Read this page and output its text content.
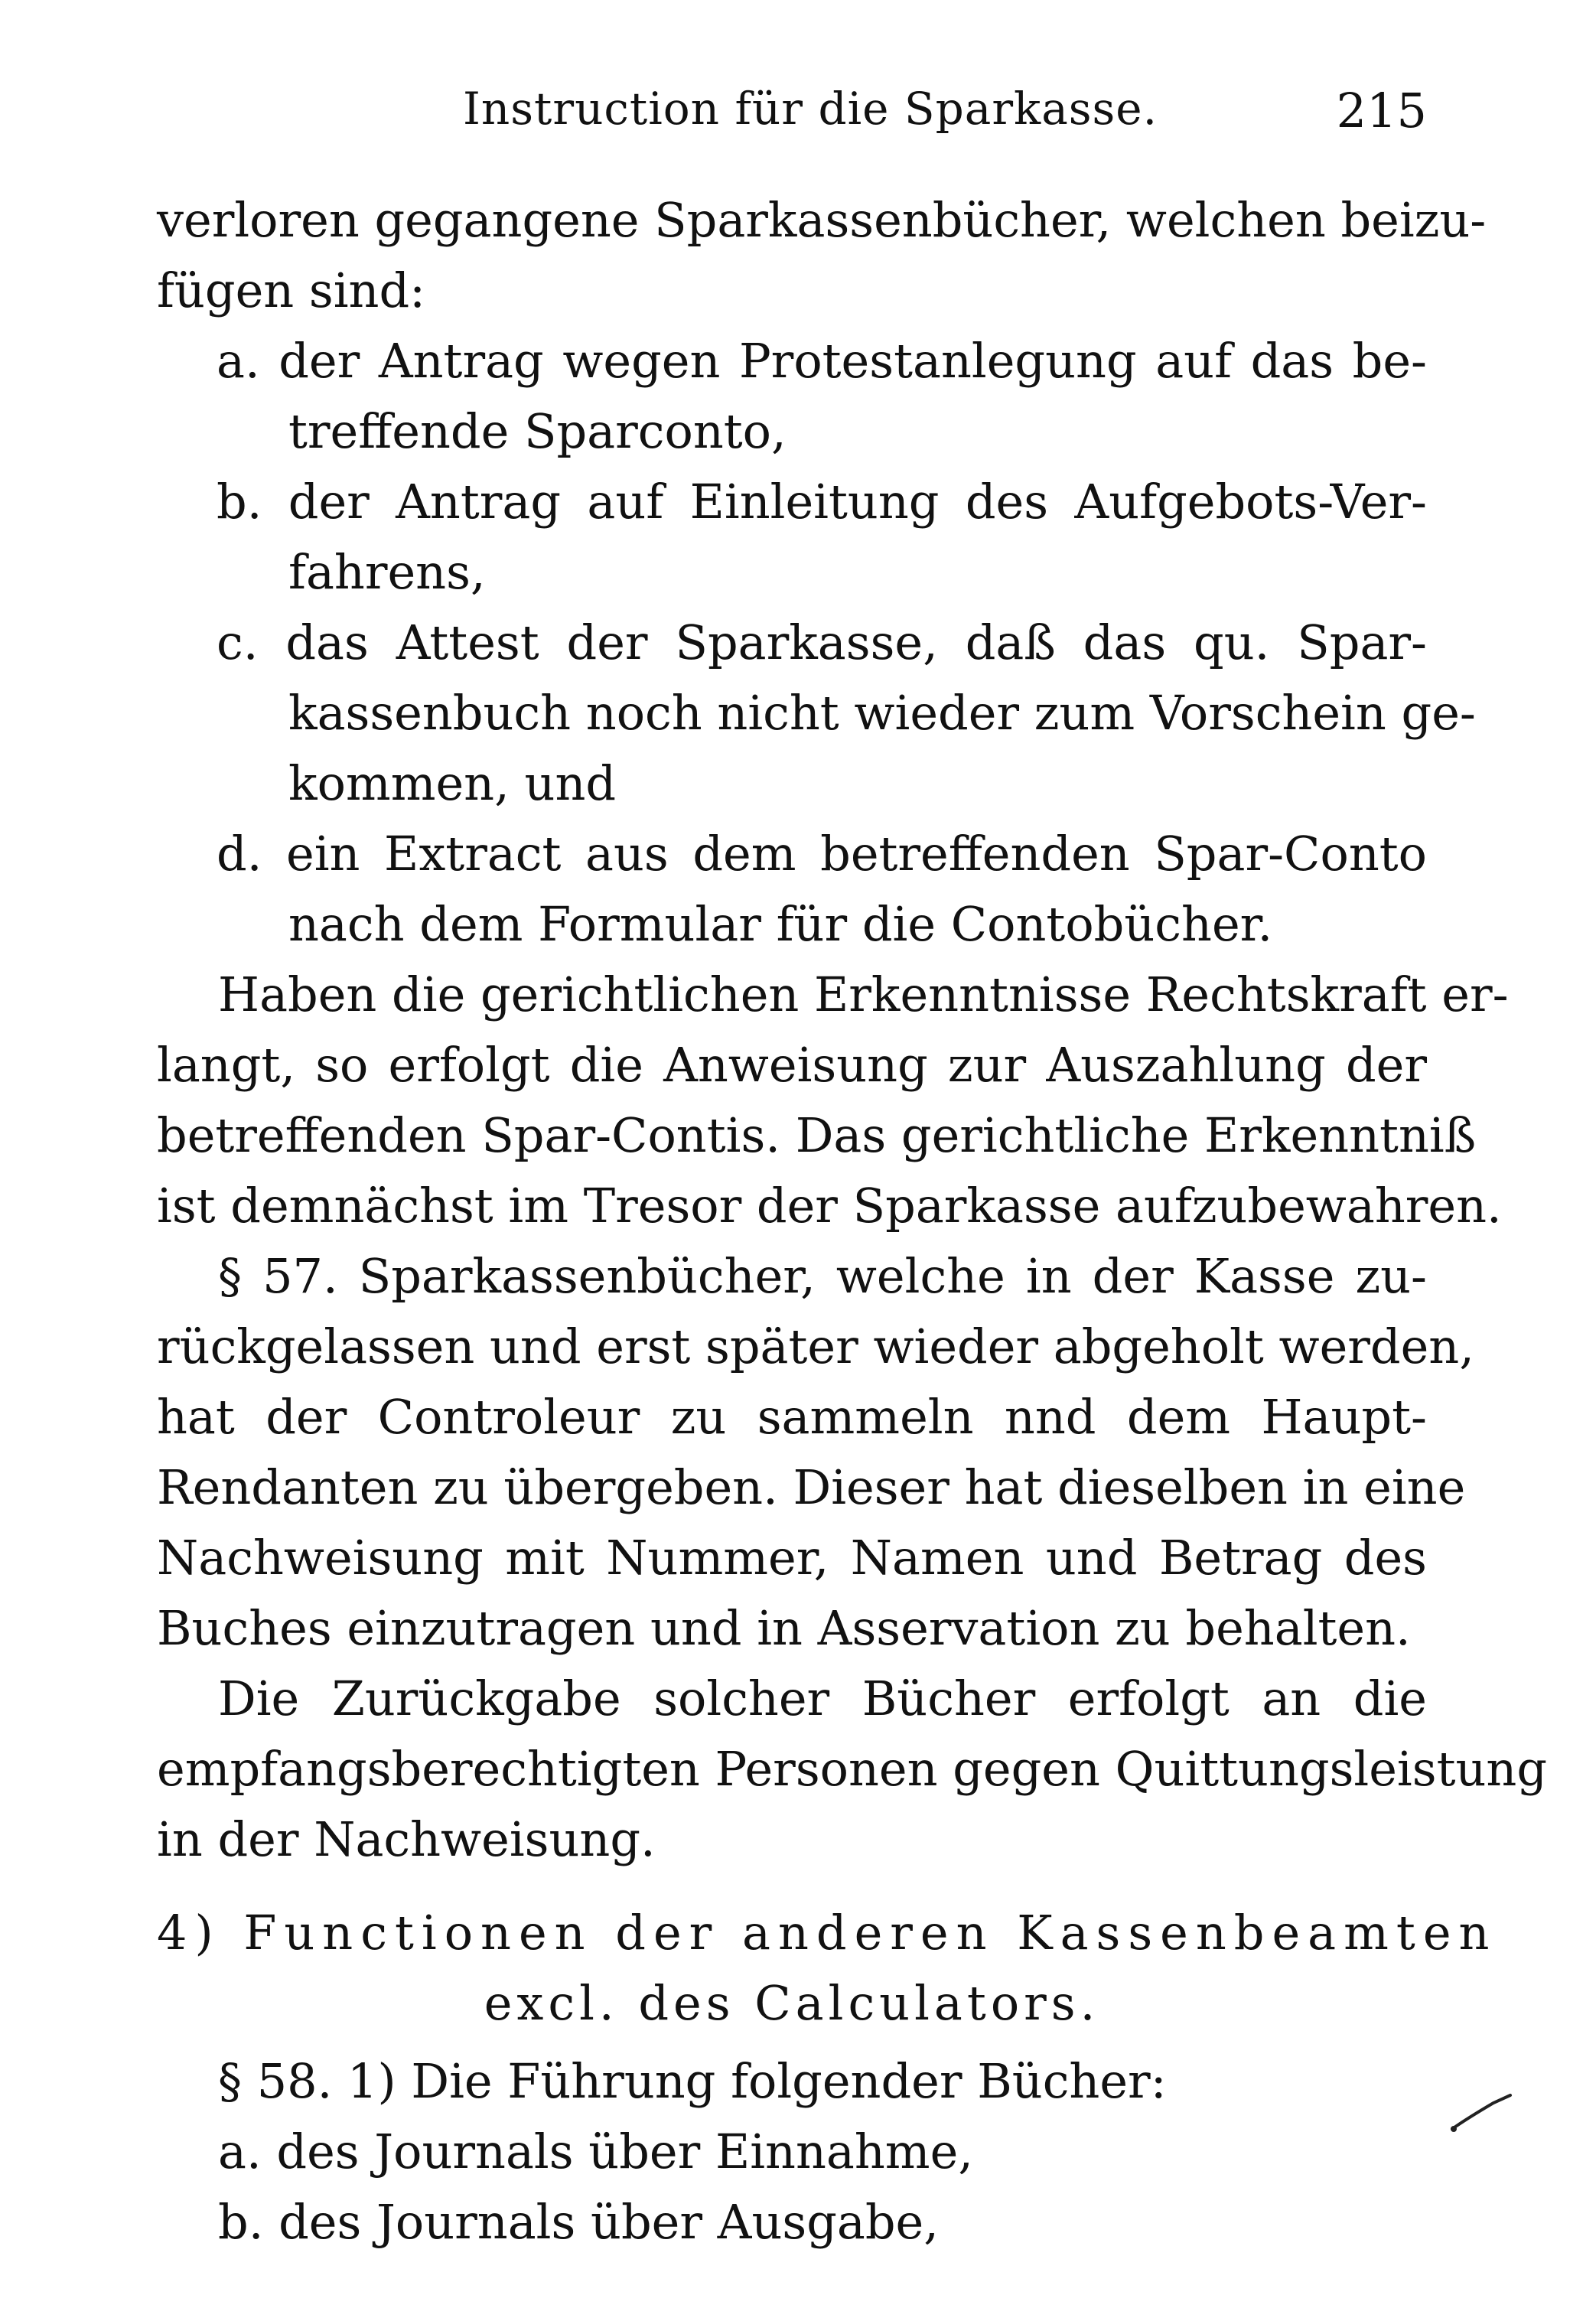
Instruction für die Sparkasse.	215
verloren gegangene Sparkassenbücher, welchen beizu-
fügen sind:
a. der Antrag wegen Protestanlegung auf das be-
treffende Sparconto,
b. der Antrag auf Einleitung des Aufgebots-Ver-
fahrens,
c. das Attest der Sparkasse, daß das qu. Spar-
kassenbuch noch nicht wieder zum Vorschein ge-
kommen, und
d. ein Extract aus dem betreffenden Spar-Conto
nach dem Formular für die Contobücher.
Haben die gerichtlichen Erkenntnisse Rechtskraft er-
langt, so erfolgt die Anweisung zur Auszahlung der
betreffenden Spar-Contis. Das gerichtliche Erkenntniß
ist demnächst im Tresor der Sparkasse aufzubewahren.
§ 57. Sparkassenbücher, welche in der Kasse zu-
rückgelassen und erst später wieder abgeholt werden,
hat der Controleur zu sammeln nnd dem Haupt-
Rendanten zu übergeben. Dieser hat dieselben in eine
Nachweisung mit Nummer, Namen und Betrag des
Buches einzutragen und in Asservation zu behalten.
Die Zurückgabe solcher Bücher erfolgt an die
empfangsberechtigten Personen gegen Quittungsleistung
in der Nachweisung.
4) Functionen der anderen Kassenbeamten
excl. des Calculators.
§ 58. 1) Die Führung folgender Bücher:
a. des Journals über Einnahme,
b. des Journals über Ausgabe,
